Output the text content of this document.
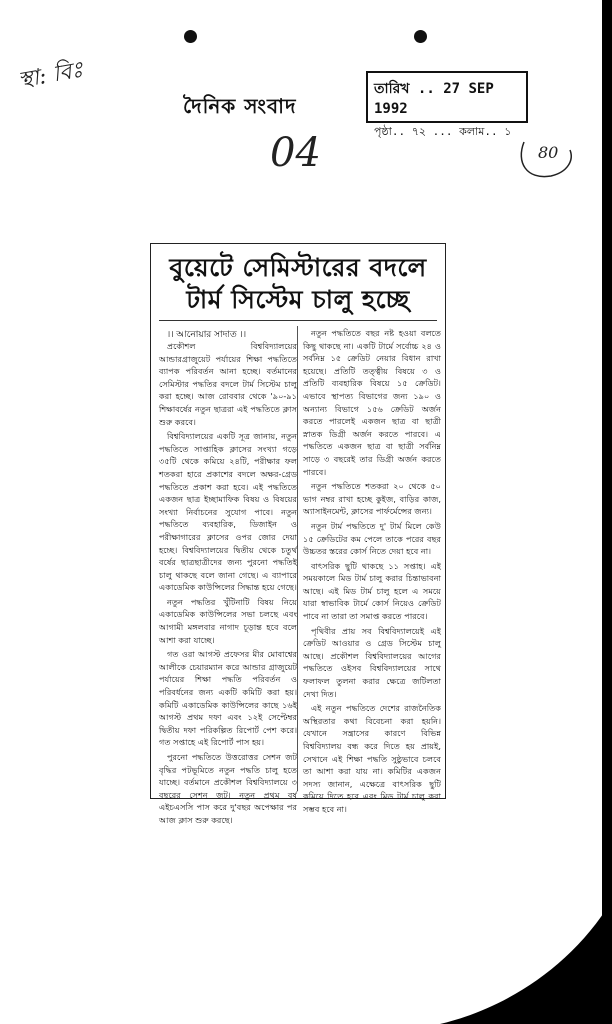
স্থা: বিঃ
04	80
দৈনিক সংবাদ
তারিখ .. 27 SEP 1992
পৃষ্ঠা.. ৭২ ... কলাম.. ১
বুয়েটে সেমিস্টারের বদলে
টার্ম সিস্টেম চালু হচ্ছে
।। আনোয়ার সাদাত ।।

প্রকৌশল বিশ্ববিদ্যালয়ের আন্ডারগ্রাজুয়েট পর্যায়ের শিক্ষা পদ্ধতিতে ব্যাপক পরিবর্তন আনা হচ্ছে। বর্তমানের সেমিস্টার পদ্ধতির বদলে টার্ম সিস্টেম চালু করা হচ্ছে। আজ রোববার থেকে '৯০-৯১ শিক্ষাবর্ষের নতুন ছাত্ররা এই পদ্ধতিতে ক্লাস শুরু করবে।

বিশ্ববিদ্যালয়ের একটি সূত্র জানায়, নতুন পদ্ধতিতে সাপ্তাহিক ক্লাসের সংখ্যা গড়ে ৩৫টি থেকে কমিয়ে ২৪টি, পরীক্ষার ফল শতকরা হারে প্রকাশের বদলে অক্ষর-গ্রেড পদ্ধতিতে প্রকাশ করা হবে। এই পদ্ধতিতে একজন ছাত্র ইচ্ছামাফিক বিষয় ও বিষয়ের সংখ্যা নির্বাচনের সুযোগ পাবে। নতুন পদ্ধতিতে ব্যবহারিক, ডিজাইন ও পরীক্ষাগারের ক্লাসের ওপর জোর দেয়া হচ্ছে। বিশ্ববিদ্যালয়ের দ্বিতীয় থেকে চতুর্থ বর্ষের ছাত্রছাত্রীদের জন্য পুরনো পদ্ধতিই চালু থাকছে বলে জানা গেছে। এ ব্যাপারে একাডেমিক কাউন্সিলের সিদ্ধান্ত হয়ে গেছে।

নতুন পদ্ধতির খুঁটিনাটি বিষয় নিয়ে একাডেমিক কাউন্সিলের সভা চলছে এবং আগামী মঙ্গলবার নাগাদ চূড়ান্ত হবে বলে আশা করা যাচ্ছে।

গত ওরা আগস্ট প্রফেসর মীর মোবাশ্বের আলীকে চেয়ারম্যান করে আন্ডার গ্রাজুয়েট পর্যায়ের শিক্ষা পদ্ধতি পরিবর্তন ও পরিবর্ধনের জন্য একটি কমিটি করা হয়। কমিটি একাডেমিক কাউন্সিলের কাছে ১৬ই আগস্ট প্রথম দফা এবং ১২ই সেপ্টেম্বর দ্বিতীয় দফা পরিকল্পিত রিপোর্ট পেশ করে। গত সপ্তাহে এই রিপোর্ট পাস হয়।

পুরনো পদ্ধতিতে উত্তরোত্তর সেশন জট বৃদ্ধির পটভূমিতে নতুন পদ্ধতি চালু হতে যাচ্ছে। বর্তমানে প্রকৌশল বিশ্ববিদ্যালয়ে ৩ বছরের সেশন জট। নতুন প্রথম বর্ষ এইচএসসি পাস করে দু'বছর অপেক্ষার পর আজ ক্লাস শুরু করছে।

নতুন পদ্ধতিতে বছর নষ্ট হওয়া বলতে কিছু থাকছে না। একটি টার্মে সর্বোচ্চ ২৪ ও সর্বনিম্ন ১৫ ক্রেডিট নেয়ার বিধান রাখা হয়েছে। প্রতিটি তত্ত্বীয় বিষয়ে ৩ ও প্রতিটি ব্যবহারিক বিষয়ে ১৫ ক্রেডিট। এভাবে স্থাপত্য বিভাগের জন্য ১৯০ ও অন্যান্য বিভাগে ১৫৬ ক্রেডিট অর্জন করতে পারলেই একজন ছাত্র বা ছাত্রী স্নাতক ডিগ্রী অর্জন করতে পারবে। এ পদ্ধতিতে একজন ছাত্র বা ছাত্রী সর্বনিম্ন সাড়ে ৩ বছরেই তার ডিগ্রী অর্জন করতে পারবে।

নতুন পদ্ধতিতে শতকরা ২০ থেকে ৫০ ভাগ নম্বর রাখা হচ্ছে কুইজ, বাড়ির কাজ, অ্যাসাইনমেন্ট, ক্লাসের পার্ফর্মেন্সের জন্য।

নতুন টার্ম পদ্ধতিতে দু' টার্ম মিলে কেউ ১৫ ক্রেডিটের কম পেলে তাকে পরের বছর উচ্চতর স্তরের কোর্স নিতে দেয়া হবে না।

বাৎসরিক ছুটি থাকছে ১১ সপ্তাহ। এই সময়কালে মিড টার্ম চালু করার চিন্তাভাবনা আছে। এই মিড টার্ম চালু হলে এ সময়ে যারা স্বাভাবিক টার্মে কোর্স নিয়েও ক্রেডিট পাবে না তারা তা সমাপ্ত করতে পারবে।

পৃথিবীর প্রায় সব বিশ্ববিদ্যালয়েই এই ক্রেডিট আওয়ার ও গ্রেড সিস্টেম চালু আছে। প্রকৌশল বিশ্ববিদ্যালয়ের আগের পদ্ধতিতে ওইসব বিশ্ববিদ্যালয়ের সাথে ফলাফল তুলনা করার ক্ষেত্রে জটিলতা দেখা দিত।

এই নতুন পদ্ধতিতে দেশের রাজনৈতিক অস্থিরতার কথা বিবেচনা করা হয়নি। যেখানে সন্ত্রাসের কারণে বিভিন্ন বিশ্ববিদ্যালয় বন্ধ করে দিতে হয় প্রায়ই, সেখানে এই শিক্ষা পদ্ধতি সুষ্ঠুভাবে চলবে তা আশা করা যায় না। কমিটির একজন সদস্য জানান, এক্ষেত্রে বাৎসরিক ছুটি কমিয়ে দিতে হবে এবং মিড টার্ম চালু করা সম্ভব হবে না।
